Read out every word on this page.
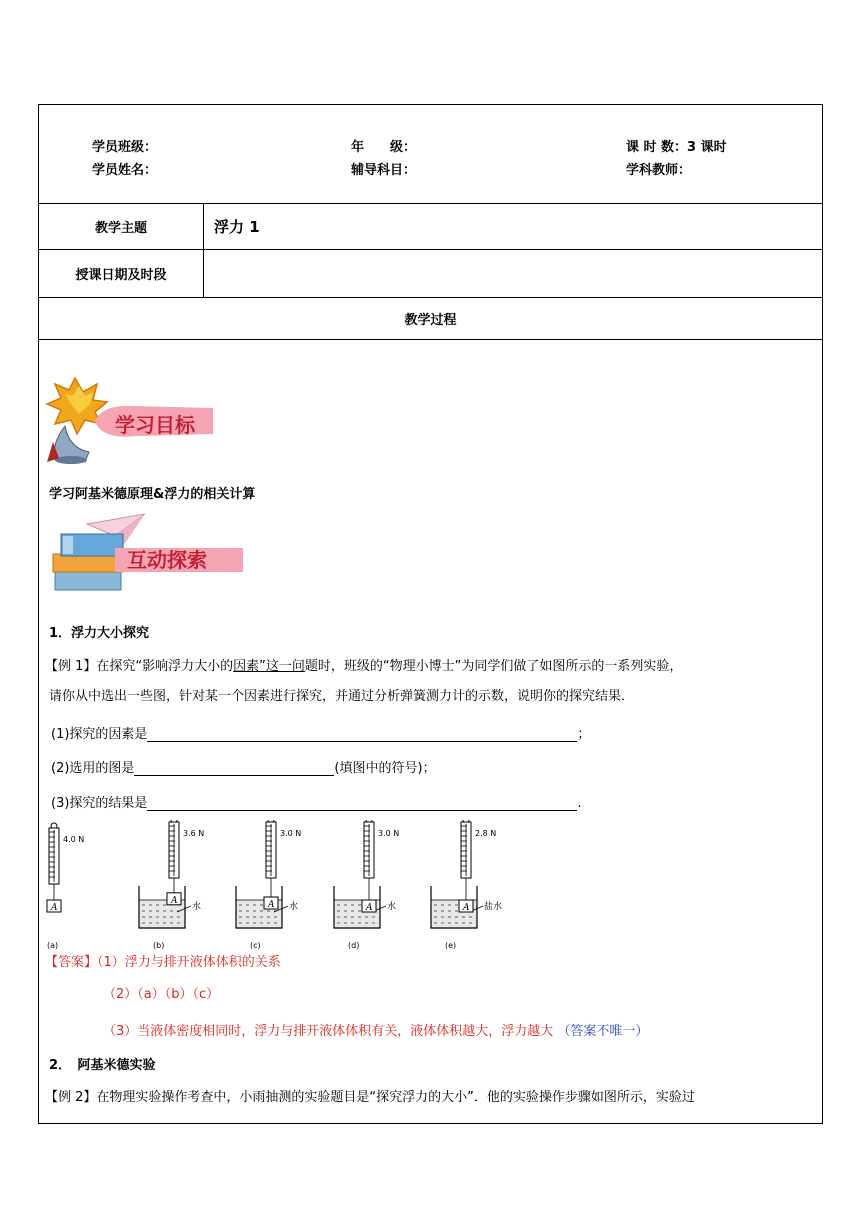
学员班级：	年　　级：	课 时 数：3 课时
学员姓名：	辅导科目：	学科教师：
教学主题	浮力 1
授课日期及时段
教学过程
学习目标
学习阿基米德原理&浮力的相关计算
互动探索
1．浮力大小探究
【例 1】在探究“影响浮力大小的因素”这一问题时，班级的“物理小博士”为同学们做了如图所示的一系列实验，
请你从中选出一些图，针对某一个因素进行探究，并通过分析弹簧测力计的示数，说明你的探究结果．
(1)探究的因素是	；
(2)选用的图是	(填图中的符号)；
(3)探究的结果是	.
4.0 N
A
(a)
3.6 N
水
A
(b)
3.0 N
水
A
(c)
3.0 N
水
A
(d)
2.8 N
盐水
A
(e)
【答案】（1）浮力与排开液体体积的关系
（2）（a）（b）（c）
（3）当液体密度相同时，浮力与排开液体体积有关，液体体积越大，浮力越大 （答案不唯一）
2．　阿基米德实验
【例 2】在物理实验操作考查中，小雨抽测的实验题目是“探究浮力的大小”．他的实验操作步骤如图所示，实验过
